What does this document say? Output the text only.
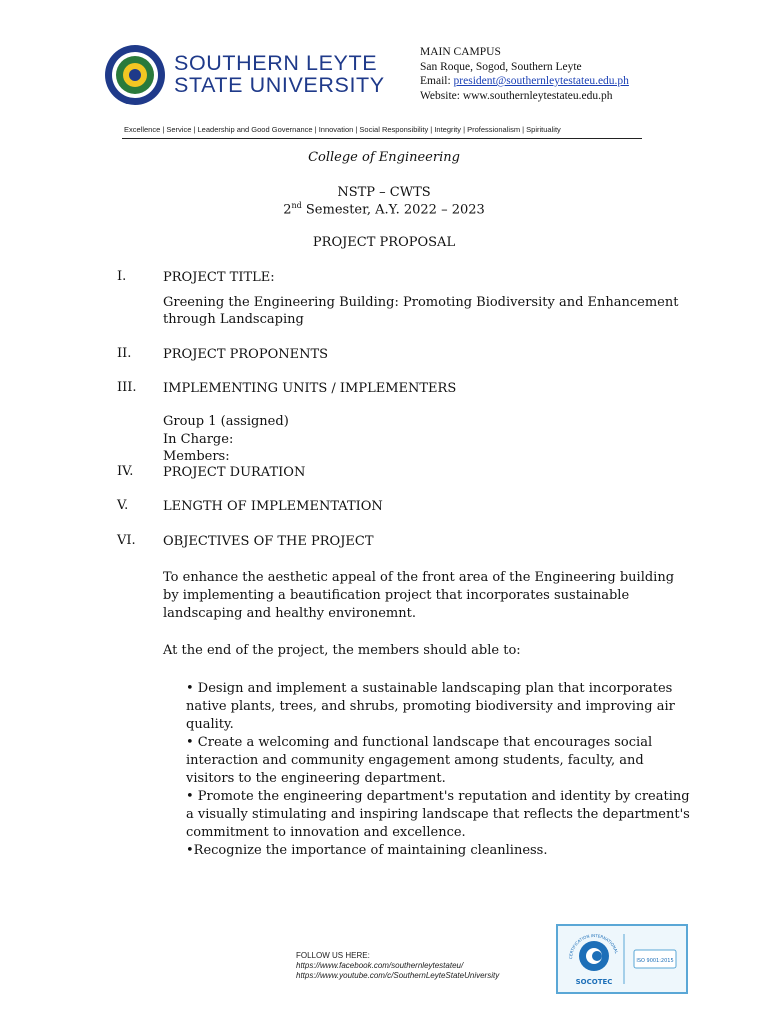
SOUTHERN LEYTE
STATE UNIVERSITY
MAIN CAMPUS
San Roque, Sogod, Southern Leyte
Email: president@southernleytestateu.edu.ph
Website: www.southernleytestateu.edu.ph
Excellence | Service | Leadership and Good Governance | Innovation | Social Responsibility | Integrity | Professionalism | Spirituality
College of Engineering
NSTP – CWTS
2nd Semester, A.Y. 2022 – 2023
PROJECT PROPOSAL
I.	PROJECT TITLE:
Greening the Engineering Building: Promoting Biodiversity and Enhancement
through Landscaping
II. PROJECT PROPONENTS
III. IMPLEMENTING UNITS / IMPLEMENTERS
Group 1 (assigned)
In Charge:
Members:
IV. PROJECT DURATION
V.	LENGTH OF IMPLEMENTATION
VI. OBJECTIVES OF THE PROJECT
To enhance the aesthetic appeal of the front area of the Engineering building by implementing a beautification project that incorporates sustainable landscaping and healthy environemnt.
At the end of the project, the members should able to:
• Design and implement a sustainable landscaping plan that incorporates native plants, trees, and shrubs, promoting biodiversity and improving air quality.
• Create a welcoming and functional landscape that encourages social interaction and community engagement among students, faculty, and visitors to the engineering department.
• Promote the engineering department's reputation and identity by creating a visually stimulating and inspiring landscape that reflects the department's commitment to innovation and excellence.
•Recognize the importance of maintaining cleanliness.
FOLLOW US HERE:
https://www.facebook.com/southernleytestateu/
https://www.youtube.com/c/SouthernLeyteStateUniversity
CERTIFICATION INTERNATIONAL
SOCOTEC
ISO 9001:2015
